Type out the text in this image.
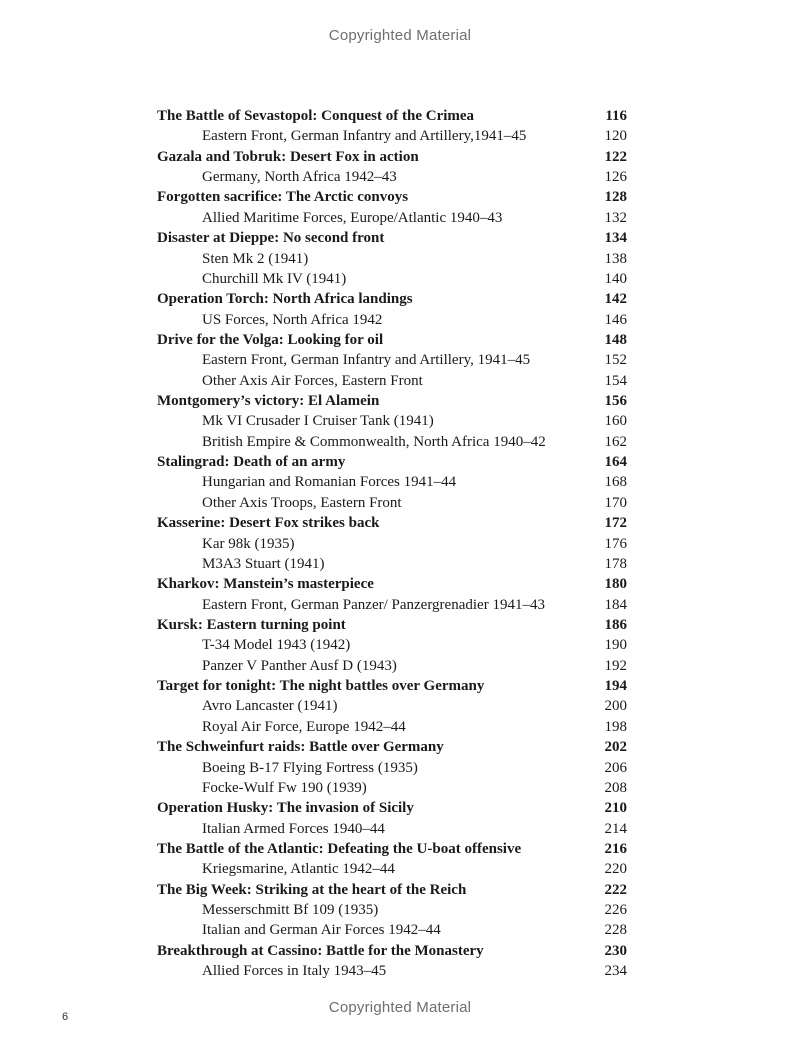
Copyrighted Material
The Battle of Sevastopol: Conquest of the Crimea	116
Eastern Front, German Infantry and Artillery,1941–45	120
Gazala and Tobruk: Desert Fox in action	122
Germany, North Africa 1942–43	126
Forgotten sacrifice: The Arctic convoys	128
Allied Maritime Forces, Europe/Atlantic 1940–43	132
Disaster at Dieppe: No second front	134
Sten Mk 2 (1941)	138
Churchill Mk IV (1941)	140
Operation Torch: North Africa landings	142
US Forces, North Africa 1942	146
Drive for the Volga: Looking for oil	148
Eastern Front, German Infantry and Artillery, 1941–45	152
Other Axis Air Forces, Eastern Front	154
Montgomery’s victory: El Alamein	156
Mk VI Crusader I Cruiser Tank (1941)	160
British Empire & Commonwealth, North Africa 1940–42	162
Stalingrad: Death of an army	164
Hungarian and Romanian Forces 1941–44	168
Other Axis Troops, Eastern Front	170
Kasserine: Desert Fox strikes back	172
Kar 98k (1935)	176
M3A3 Stuart (1941)	178
Kharkov: Manstein’s masterpiece	180
Eastern Front, German Panzer/ Panzergrenadier 1941–43	184
Kursk: Eastern turning point	186
T-34 Model 1943 (1942)	190
Panzer V Panther Ausf D (1943)	192
Target for tonight: The night battles over Germany	194
Avro Lancaster (1941)	200
Royal Air Force, Europe 1942–44	198
The Schweinfurt raids: Battle over Germany	202
Boeing B-17 Flying Fortress (1935)	206
Focke-Wulf Fw 190 (1939)	208
Operation Husky: The invasion of Sicily	210
Italian Armed Forces 1940–44	214
The Battle of the Atlantic: Defeating the U-boat offensive	216
Kriegsmarine, Atlantic 1942–44	220
The Big Week: Striking at the heart of the Reich	222
Messerschmitt Bf 109 (1935)	226
Italian and German Air Forces 1942–44	228
Breakthrough at Cassino: Battle for the Monastery	230
Allied Forces in Italy 1943–45	234
Copyrighted Material
6
